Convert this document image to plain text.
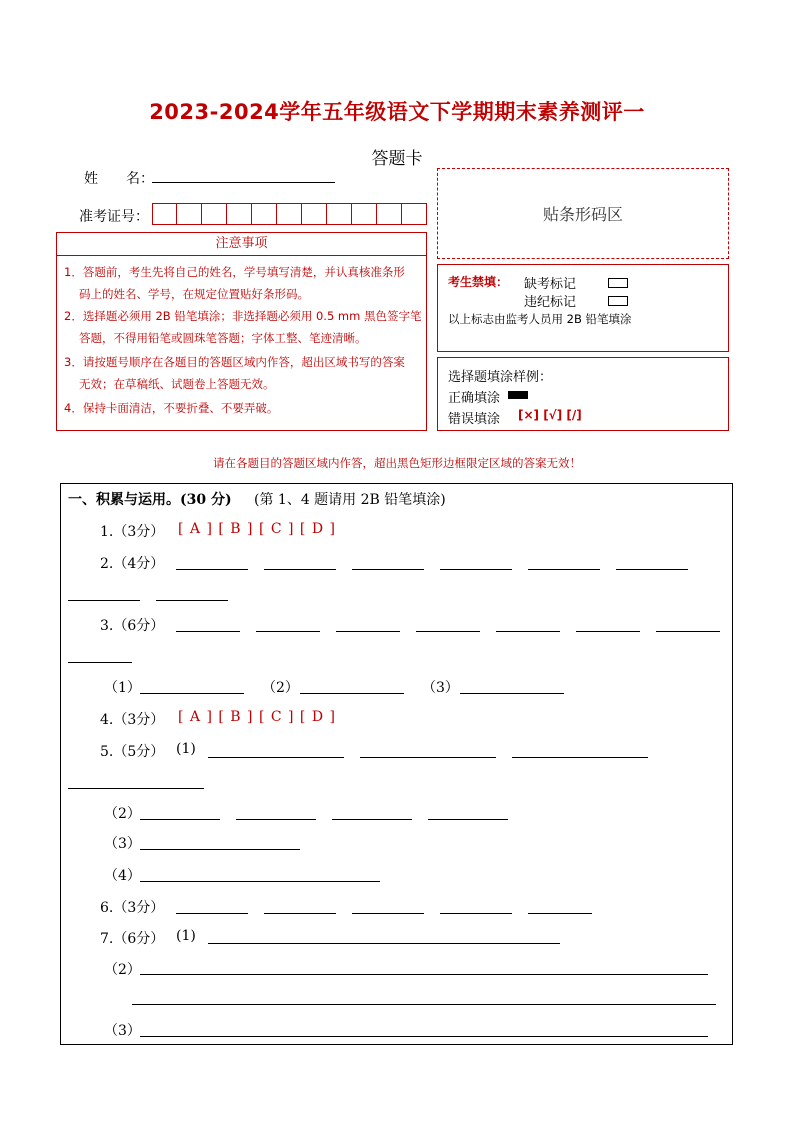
2023-2024学年五年级语文下学期期末素养测评一
答题卡
姓　　名：
准考证号：	贴条形码区
注意事项
1．答题前，考生先将自己的姓名，学号填写清楚，并认真核准条形
码上的姓名、学号，在规定位置贴好条形码。
2．选择题必须用 2B 铅笔填涂；非选择题必须用 0.5 mm 黑色签字笔
答题，不得用铅笔或圆珠笔答题；字体工整、笔迹清晰。
3．请按题号顺序在各题目的答题区域内作答，超出区域书写的答案
无效；在草稿纸、试题卷上答题无效。
4．保持卡面清洁，不要折叠、不要弄破。
考生禁填： 缺考标记
违纪标记
以上标志由监考人员用 2B 铅笔填涂
选择题填涂样例：
正确填涂
错误填涂 [×] [√] [/]
请在各题目的答题区域内作答，超出黑色矩形边框限定区域的答案无效！
一、积累与运用。(30 分) (第 1、4 题请用 2B 铅笔填涂)
1.（3分） [ A ] [ B ] [ C ] [ D ]
2.（4分）
3.（6分）
（1）	（2）	（3）
4.（3分） [ A ] [ B ] [ C ] [ D ]
5.（5分） (1)
（2）
（3）
（4）
6.（3分）
7.（6分） (1)
（2）
（3）
